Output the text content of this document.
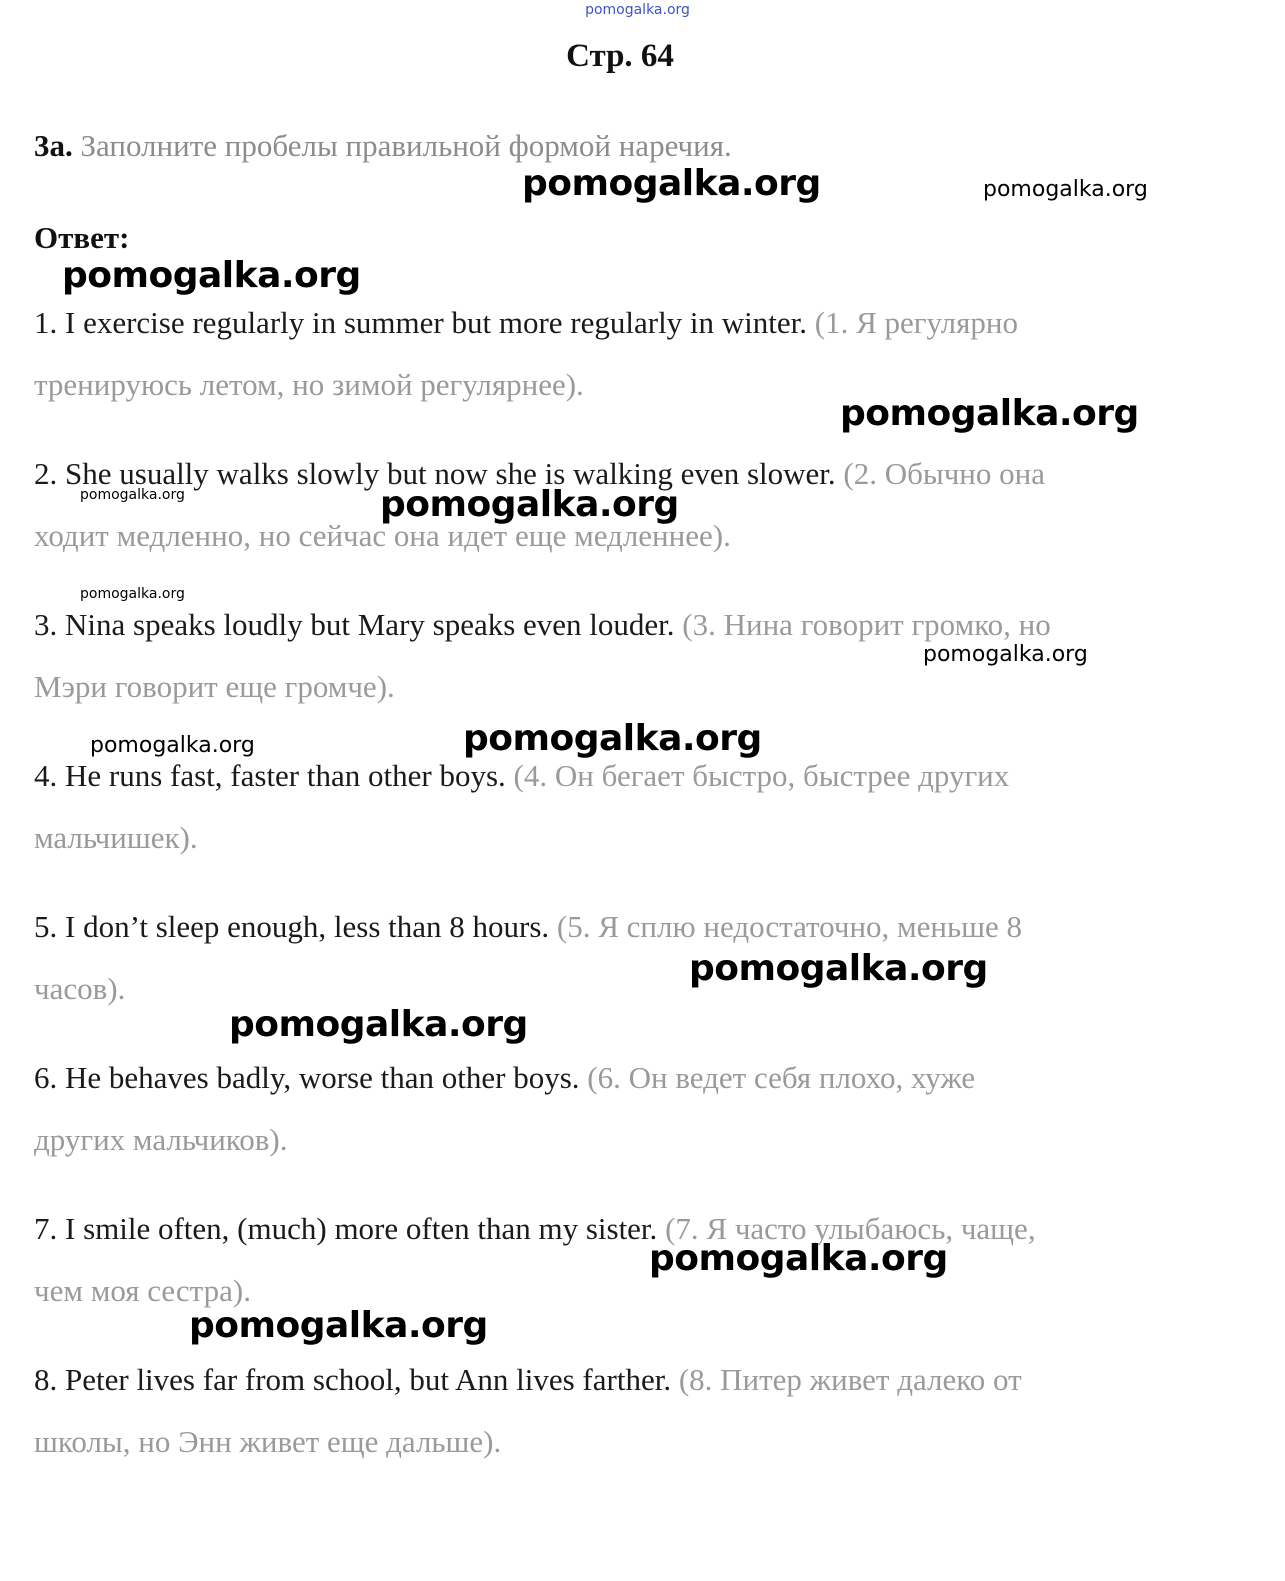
pomogalka.org
Стр. 64
3a. Заполните пробелы правильной формой наречия.
Ответ:
1. I exercise regularly in summer but more regularly in winter. (1. Я регулярно
тренируюсь летом, но зимой регулярнее).
2. She usually walks slowly but now she is walking even slower. (2. Обычно она
ходит медленно, но сейчас она идет еще медленнее).
3. Nina speaks loudly but Mary speaks even louder. (3. Нина говорит громко, но
Мэри говорит еще громче).
4. He runs fast, faster than other boys. (4. Он бегает быстро, быстрее других
мальчишек).
5. I don’t sleep enough, less than 8 hours. (5. Я сплю недостаточно, меньше 8
часов).
6. He behaves badly, worse than other boys. (6. Он ведет себя плохо, хуже
других мальчиков).
7. I smile often, (much) more often than my sister. (7. Я часто улыбаюсь, чаще,
чем моя сестра).
8. Peter lives far from school, but Ann lives farther. (8. Питер живет далеко от
школы, но Энн живет еще дальше).
pomogalka.org	pomogalka.org
pomogalka.org
pomogalka.org
pomogalka.org	pomogalka.org
pomogalka.org
pomogalka.org
pomogalka.org	pomogalka.org
pomogalka.org
pomogalka.org
pomogalka.org
pomogalka.org
